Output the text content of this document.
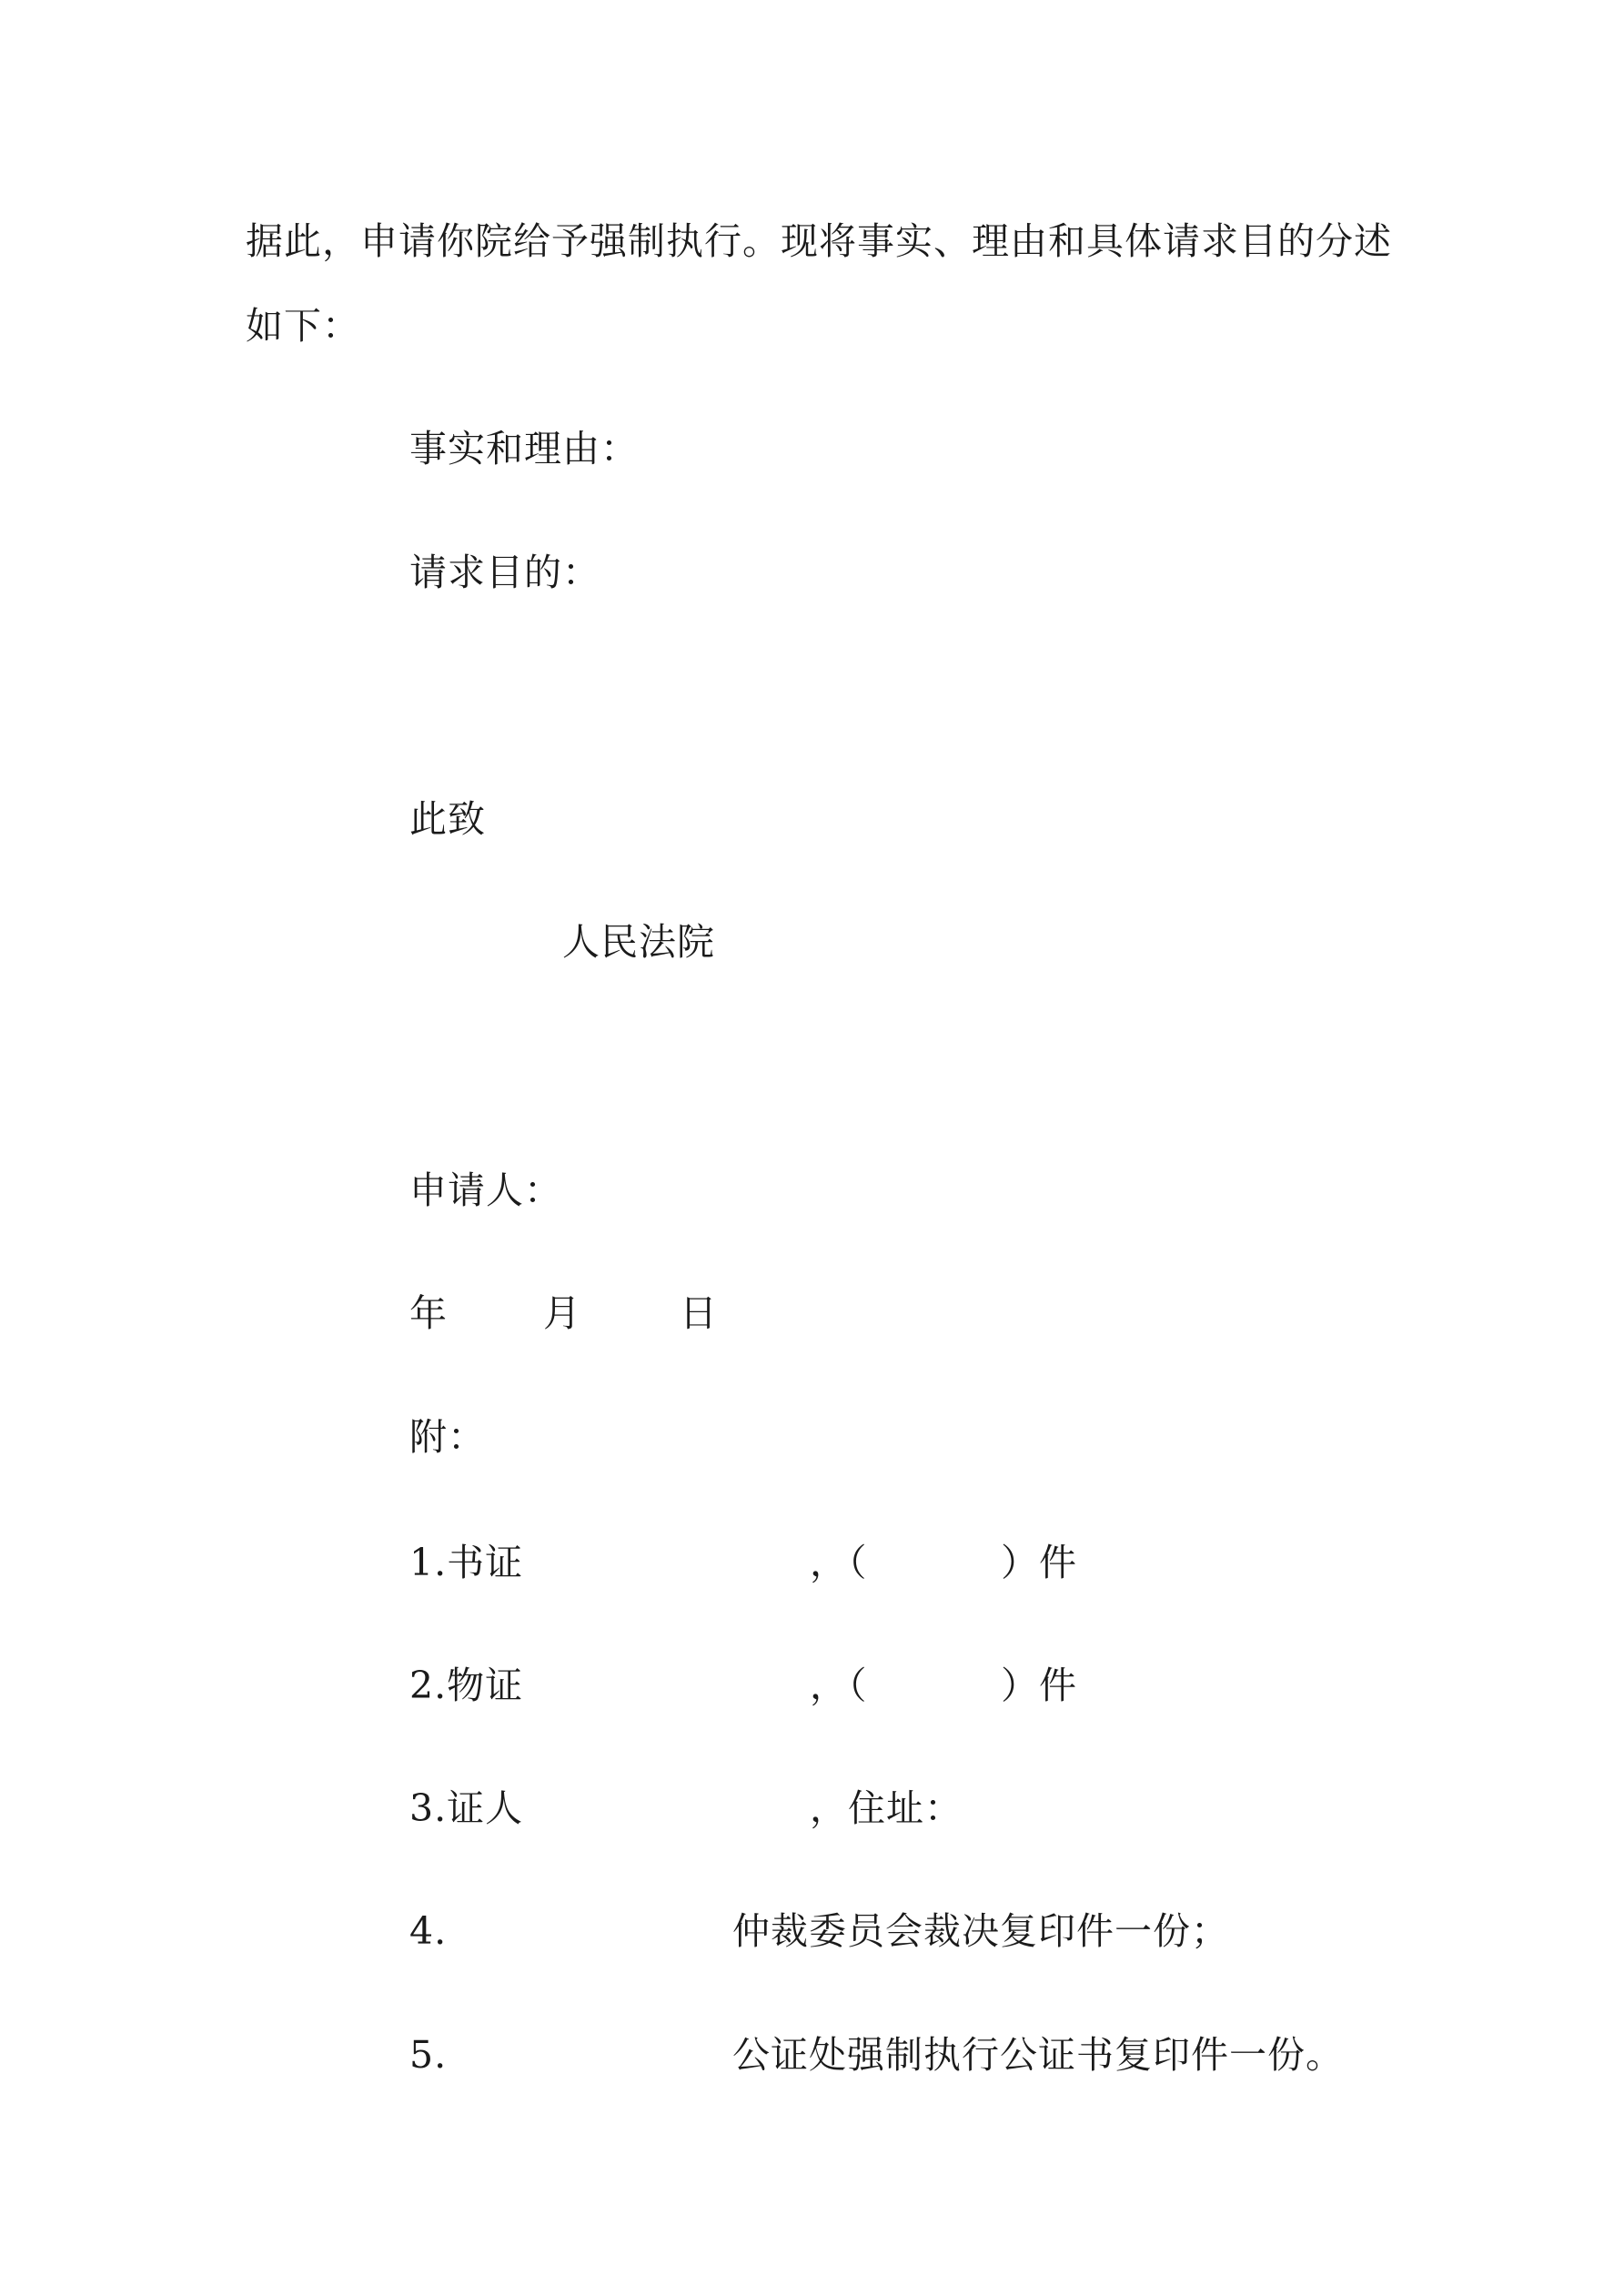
据此，申请你院给予强制执行。现将事实、理由和具体请求目的分述
如下：
事实和理由：
请求目的：
此致
人民法院
申请人：
年	月	日
附：
1.书证	，（	）件
2.物证	，（	）件
3.证人	，住址：
4.	仲裁委员会裁决复印件一份；
5.	公证处强制执行公证书复印件一份。
